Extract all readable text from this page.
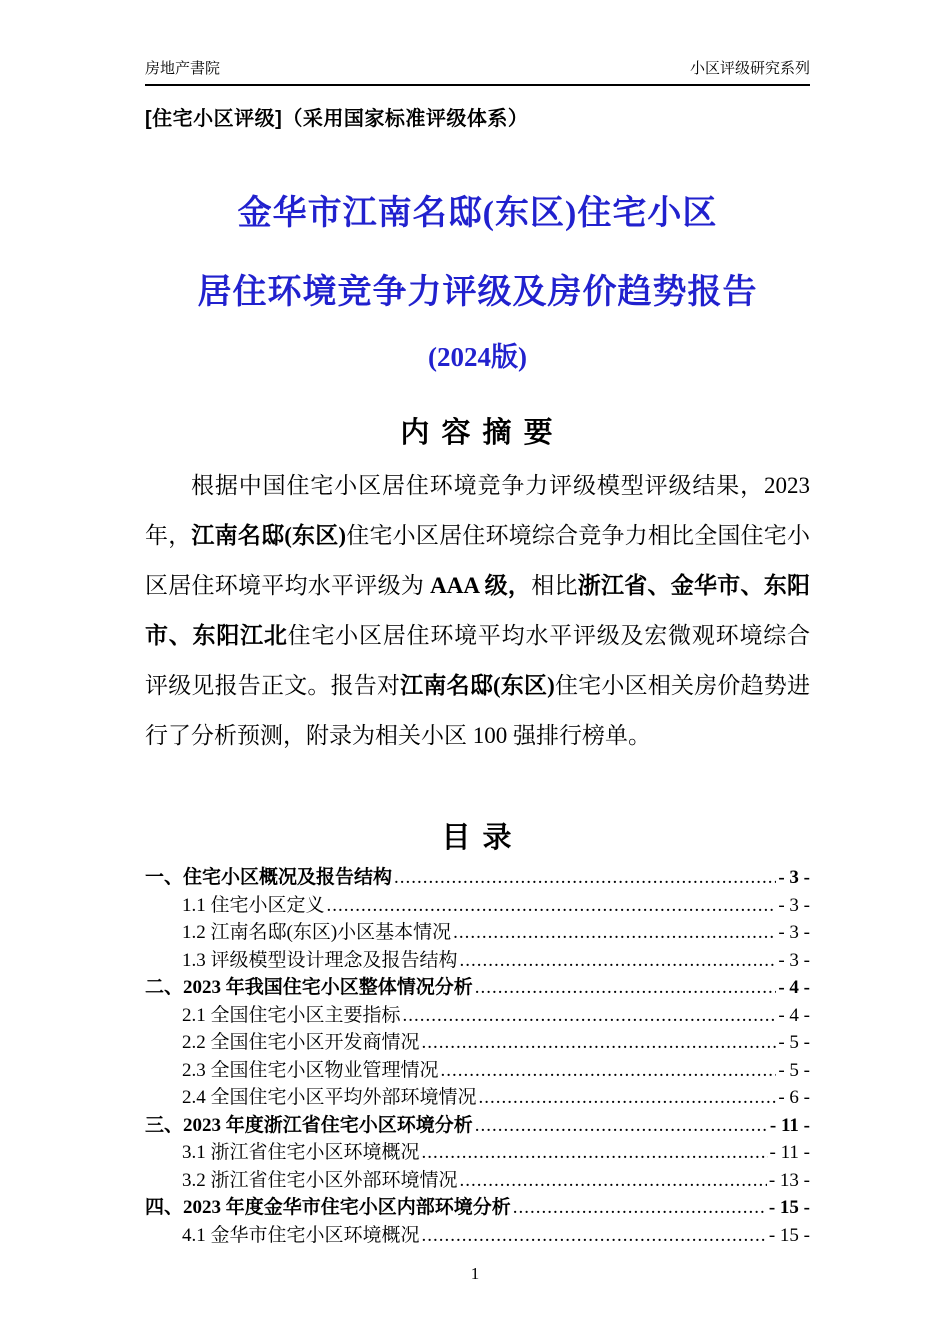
房地产書院	小区评级研究系列
[住宅小区评级]（采用国家标准评级体系）
金华市江南名邸(东区)住宅小区
居住环境竞争力评级及房价趋势报告
(2024版)
内 容 摘 要

根据中国住宅小区居住环境竞争力评级模型评级结果，2023 年，江南名邸(东区)住宅小区居住环境综合竞争力相比全国住宅小区居住环境平均水平评级为 AAA 级，相比浙江省、金华市、东阳市、东阳江北住宅小区居住环境平均水平评级及宏微观环境综合评级见报告正文。报告对江南名邸(东区)住宅小区相关房价趋势进行了分析预测，附录为相关小区 100 强排行榜单。

目 录
一、住宅小区概况及报告结构 .....	- 3 -
1.1 住宅小区定义 .....	- 3 -
1.2 江南名邸(东区)小区基本情况 .....	- 3 -
1.3 评级模型设计理念及报告结构 .....	- 3 -
二、2023 年我国住宅小区整体情况分析 .....	- 4 -
2.1 全国住宅小区主要指标 .....	- 4 -
2.2 全国住宅小区开发商情况 .....	- 5 -
2.3 全国住宅小区物业管理情况 .....	- 5 -
2.4 全国住宅小区平均外部环境情况 .....	- 6 -
三、2023 年度浙江省住宅小区环境分析 .....	- 11 -
3.1 浙江省住宅小区环境概况 .....	- 11 -
3.2 浙江省住宅小区外部环境情况 .....	- 13 -
四、2023 年度金华市住宅小区内部环境分析 .....	- 15 -
4.1 金华市住宅小区环境概况 .....	- 15 -
1
